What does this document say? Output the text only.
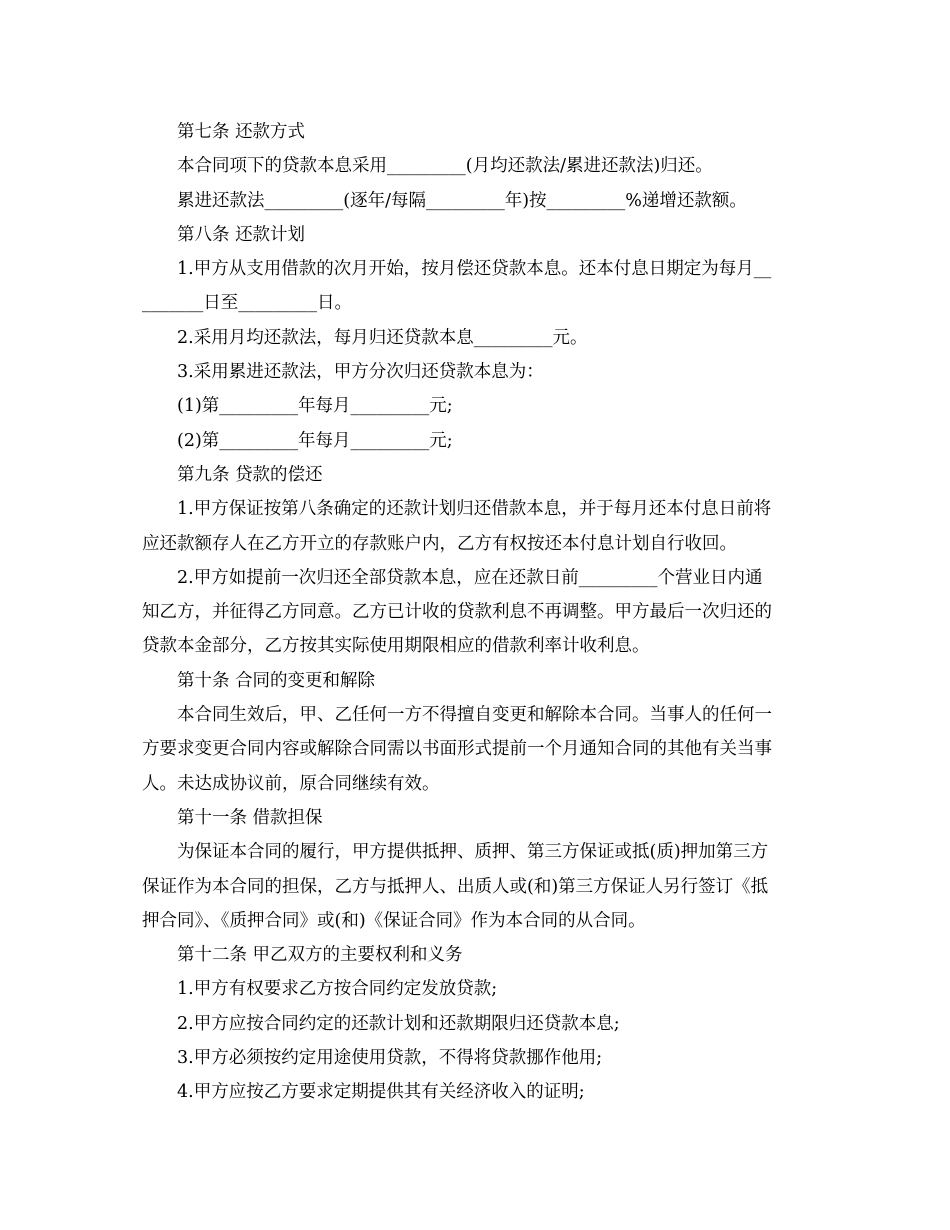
第七条 还款方式
本合同项下的贷款本息采用_________(月均还款法/累进还款法)归还。
累进还款法_________(逐年/每隔_________年)按_________%递增还款额。
第八条 还款计划
1.甲方从支用借款的次月开始，按月偿还贷款本息。还本付息日期定为每月__
_______日至_________日。
2.采用月均还款法，每月归还贷款本息_________元。
3.采用累进还款法，甲方分次归还贷款本息为：
(1)第_________年每月_________元;
(2)第_________年每月_________元;
第九条 贷款的偿还
1.甲方保证按第八条确定的还款计划归还借款本息，并于每月还本付息日前将
应还款额存人在乙方开立的存款账户内，乙方有权按还本付息计划自行收回。
2.甲方如提前一次归还全部贷款本息，应在还款日前_________个营业日内通
知乙方，并征得乙方同意。乙方已计收的贷款利息不再调整。甲方最后一次归还的
贷款本金部分，乙方按其实际使用期限相应的借款利率计收利息。
第十条 合同的变更和解除
本合同生效后，甲、乙任何一方不得擅自变更和解除本合同。当事人的任何一
方要求变更合同内容或解除合同需以书面形式提前一个月通知合同的其他有关当事
人。未达成协议前，原合同继续有效。
第十一条 借款担保
为保证本合同的履行，甲方提供抵押、质押、第三方保证或抵(质)押加第三方
保证作为本合同的担保，乙方与抵押人、出质人或(和)第三方保证人另行签订《抵
押合同》、《质押合同》或(和)《保证合同》作为本合同的从合同。
第十二条 甲乙双方的主要权利和义务
1.甲方有权要求乙方按合同约定发放贷款;
2.甲方应按合同约定的还款计划和还款期限归还贷款本息;
3.甲方必须按约定用途使用贷款，不得将贷款挪作他用;
4.甲方应按乙方要求定期提供其有关经济收入的证明;
